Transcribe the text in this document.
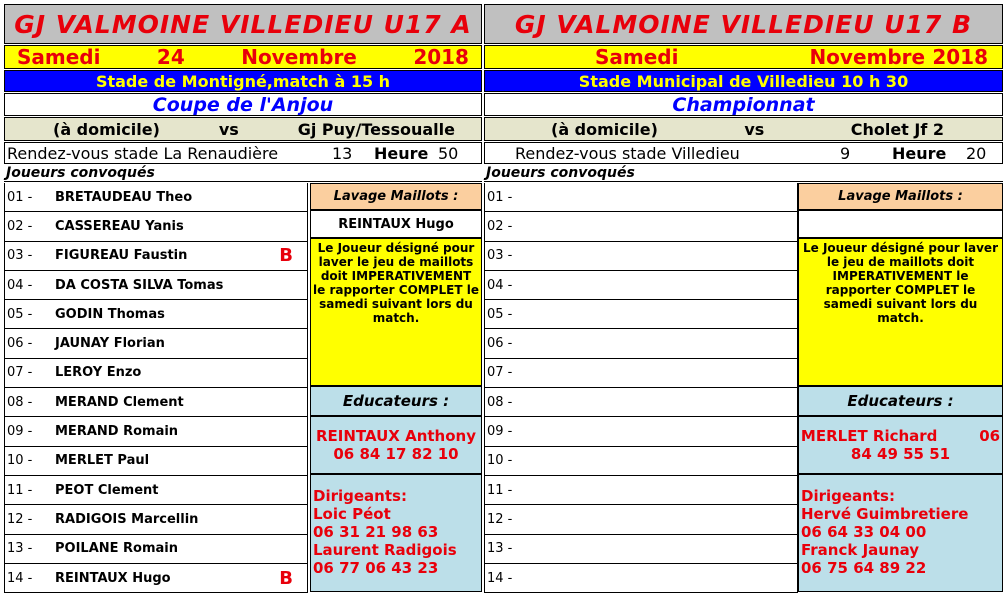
GJ VALMOINE VILLEDIEU U17 A
Samedi	24	Novembre	2018
Stade de Montigné,match à 15 h
Coupe de l'Anjou
(à domicile)	vs	Gj Puy/Tessoualle
Rendez-vous stade La Renaudière	13	Heure 50
Joueurs convoqués
01 -	BRETAUDEAU Theo
02 -	CASSEREAU Yanis
03 -	FIGUREAU Faustin	B
04 -	DA COSTA SILVA Tomas
05 -	GODIN Thomas
06 -	JAUNAY Florian
07 -	LEROY Enzo
08 -	MERAND Clement
09 -	MERAND Romain
10 -	MERLET Paul
11 -	PEOT Clement
12 -	RADIGOIS Marcellin
13 -	POILANE Romain
14 -	REINTAUX Hugo	B
Lavage Maillots :
REINTAUX Hugo
Le Joueur désigné pour laver le jeu de maillots doit IMPERATIVEMENT le rapporter COMPLET le samedi suivant lors du match.
Educateurs :
REINTAUX Anthony
06 84 17 82 10
Dirigeants:
Loic Péot
06 31 21 98 63
Laurent Radigois
06 77 06 43 23
GJ VALMOINE VILLEDIEU U17 B
Samedi	Novembre 2018
Stade Municipal de Villedieu 10 h 30
Championnat
(à domicile)	vs	Cholet Jf 2
Rendez-vous stade Villedieu	9	Heure	20
Joueurs convoqués
01 -
02 -
03 -
04 -
05 -
06 -
07 -
08 -
09 -
10 -
11 -
12 -
13 -
14 -
Lavage Maillots :
Le Joueur désigné pour laver le jeu de maillots doit IMPERATIVEMENT le rapporter COMPLET le samedi suivant lors du match.
Educateurs :
MERLET Richard        06
84 49 55 51
Dirigeants:
Hervé Guimbretiere
06 64 33 04 00
Franck Jaunay
06 75 64 89 22
